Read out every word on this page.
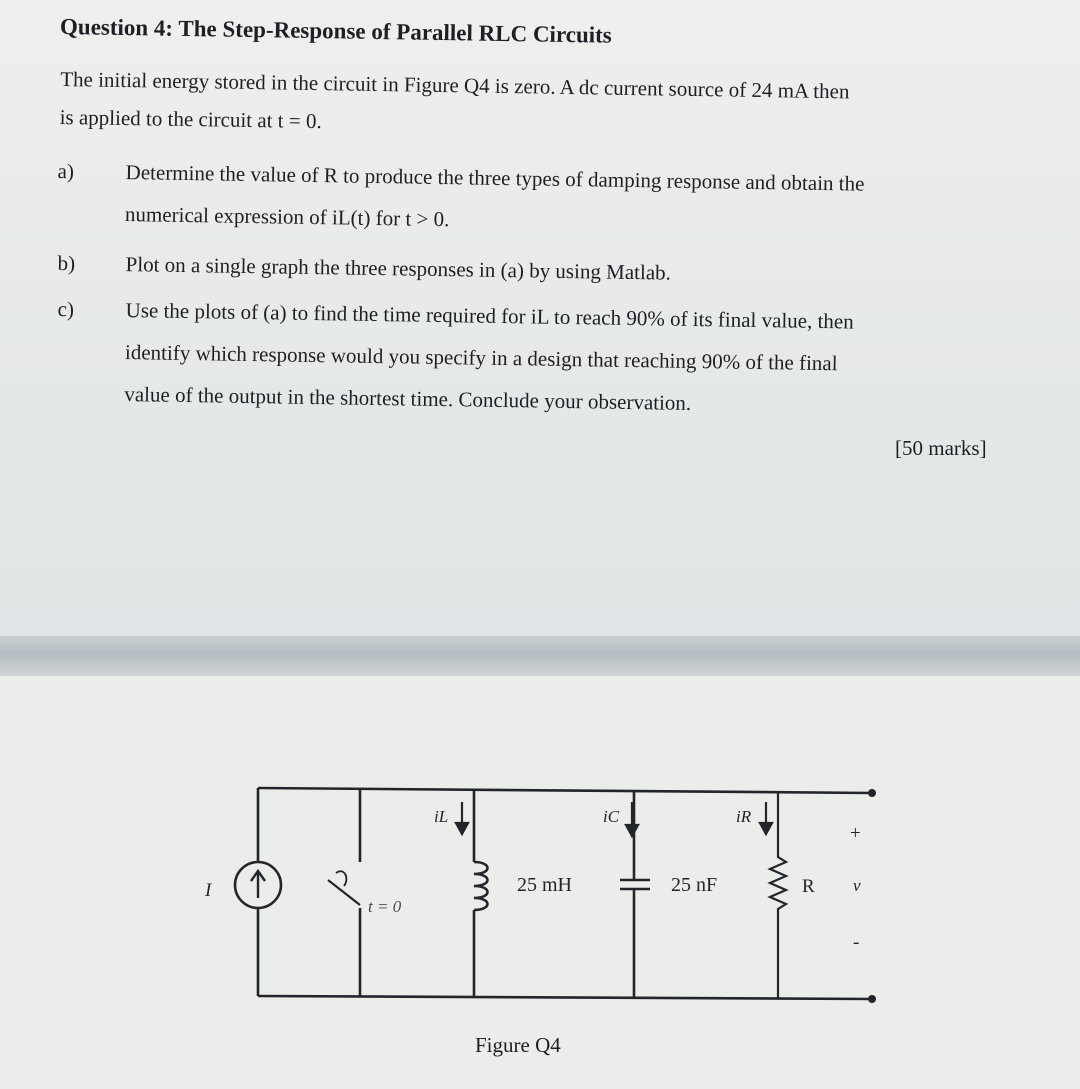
Question 4: The Step-Response of Parallel RLC Circuits
The initial energy stored in the circuit in Figure Q4 is zero. A dc current source of 24 mA then
is applied to the circuit at t = 0.
a) Determine the value of R to produce the three types of damping response and obtain the
numerical expression of iL(t) for t > 0.
b) Plot on a single graph the three responses in (a) by using Matlab.
c) Use the plots of (a) to find the time required for iL to reach 90% of its final value, then
identify which response would you specify in a design that reaching 90% of the final
value of the output in the shortest time. Conclude your observation.
[50 marks]
I
t = 0
iL
25 mH
iC
25 nF
iR
R v
+
-
Figure Q4
